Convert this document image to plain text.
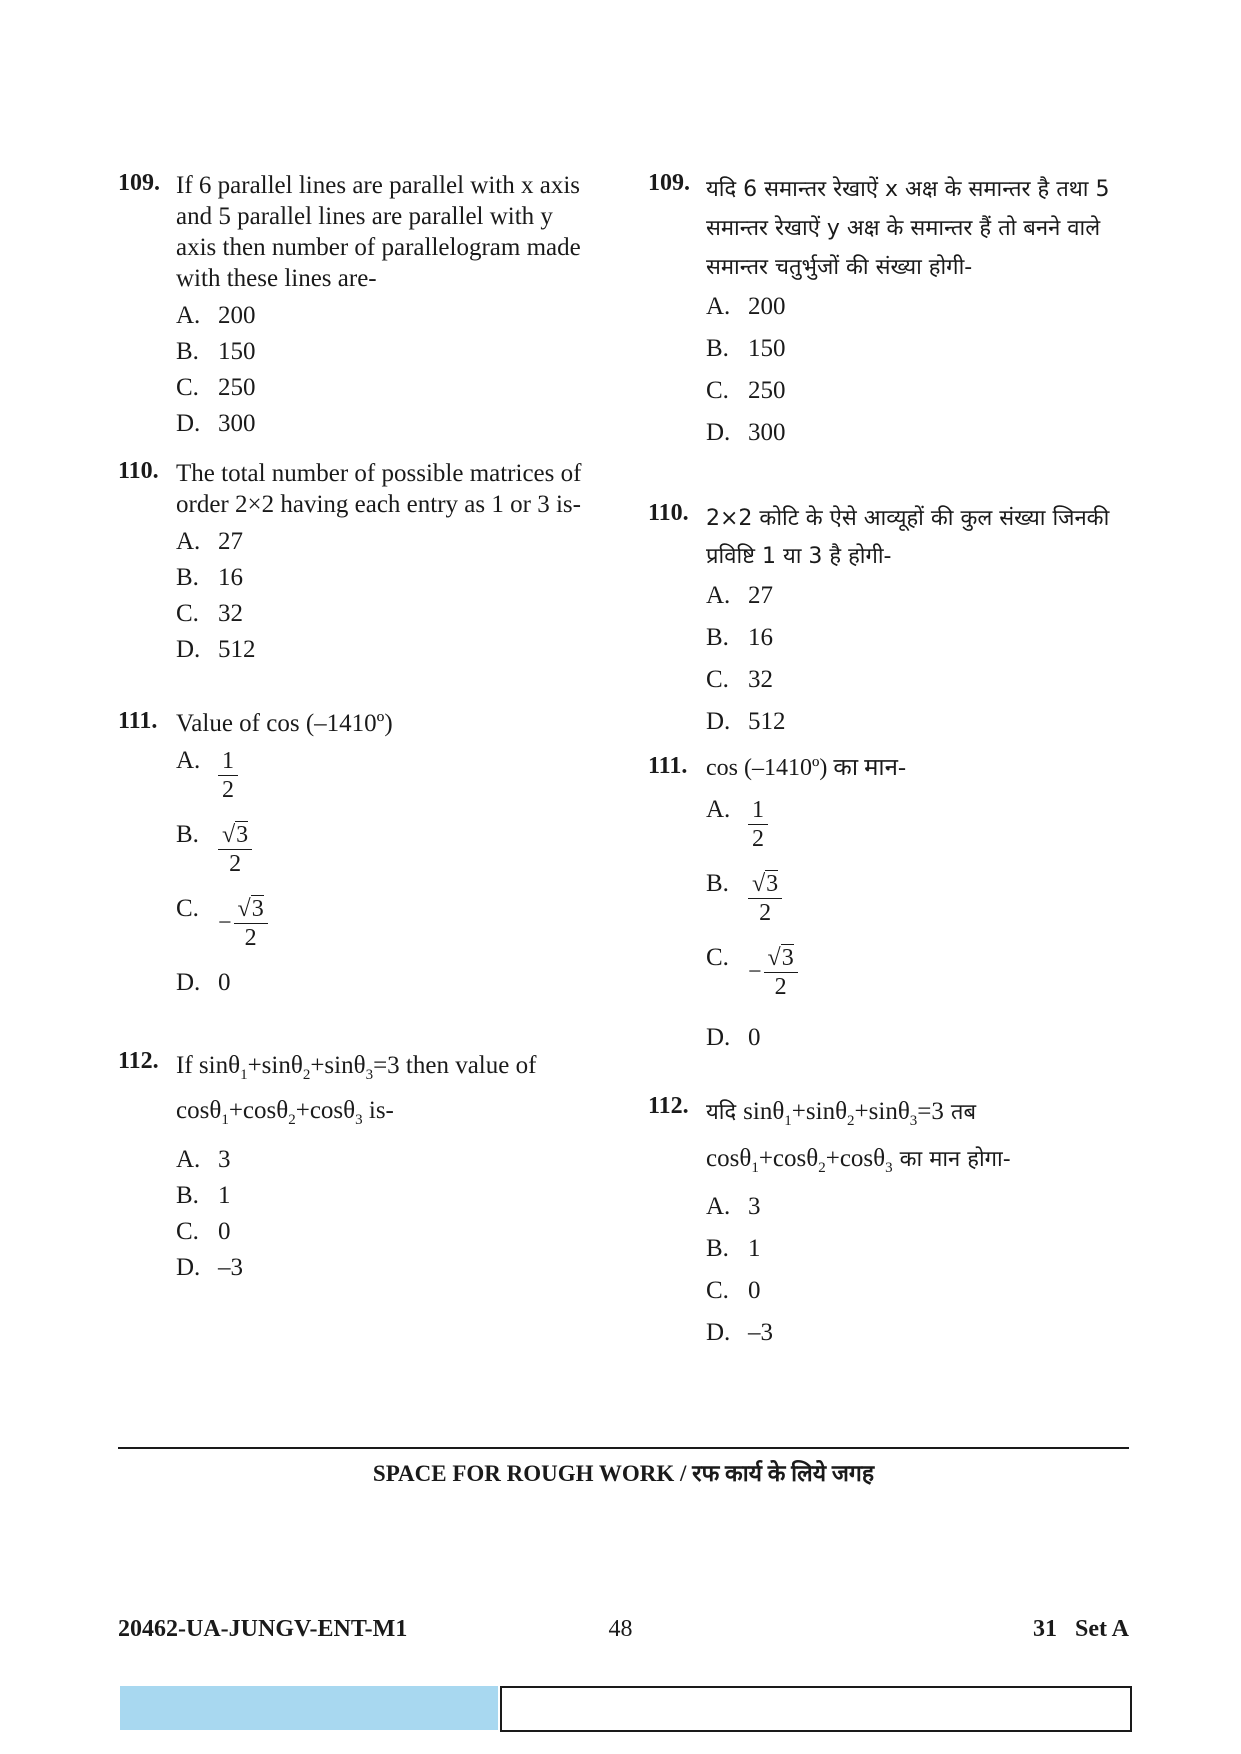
109. If 6 parallel lines are parallel with x axis and 5 parallel lines are parallel with y axis then number of parallelogram made with these lines are-
A. 200
B. 150
C. 250
D. 300
110. The total number of possible matrices of order 2×2 having each entry as 1 or 3 is-
A. 27
B. 16
C. 32
D. 512
111. Value of cos (–1410º)
A. $\frac{1}{2}$
B. $\frac{√3}{2}$
C.
− $\frac{√3}{2}$
D. 0
112. If sinθ$_1$+sinθ$_2$+sinθ$_3$=3 then value of cosθ$_1$+cosθ$_2$+cosθ$_3$ is-
A. 3
B. 1
C. 0
D. –3
109. यदि 6 समान्तर रेखाऐं x अक्ष के समान्तर है तथा 5 समान्तर रेखाऐं y अक्ष के समान्तर हैं तो बनने वाले समान्तर चतुर्भुजों की संख्या होगी-
A. 200
B. 150
C. 250
D. 300
110. 2×2 कोटि के ऐसे आव्यूहों की कुल संख्या जिनकी प्रविष्टि 1 या 3 है होगी-
A. 27
B. 16
C. 32
D. 512
111. cos (–1410º) का मान-
A. $\frac{1}{2}$
B. $\frac{√3}{2}$
C.
− $\frac{√3}{2}$
D. 0
112. यदि sinθ$_1$+sinθ$_2$+sinθ$_3$=3 तब
cosθ$_1$+cosθ$_2$+cosθ$_3$ का मान होगा-
A. 3
B. 1
C. 0
D. –3
SPACE FOR ROUGH WORK / रफ कार्य के लिये जगह
20462-UA-JUNGV-ENT-M1	48	31   Set A
